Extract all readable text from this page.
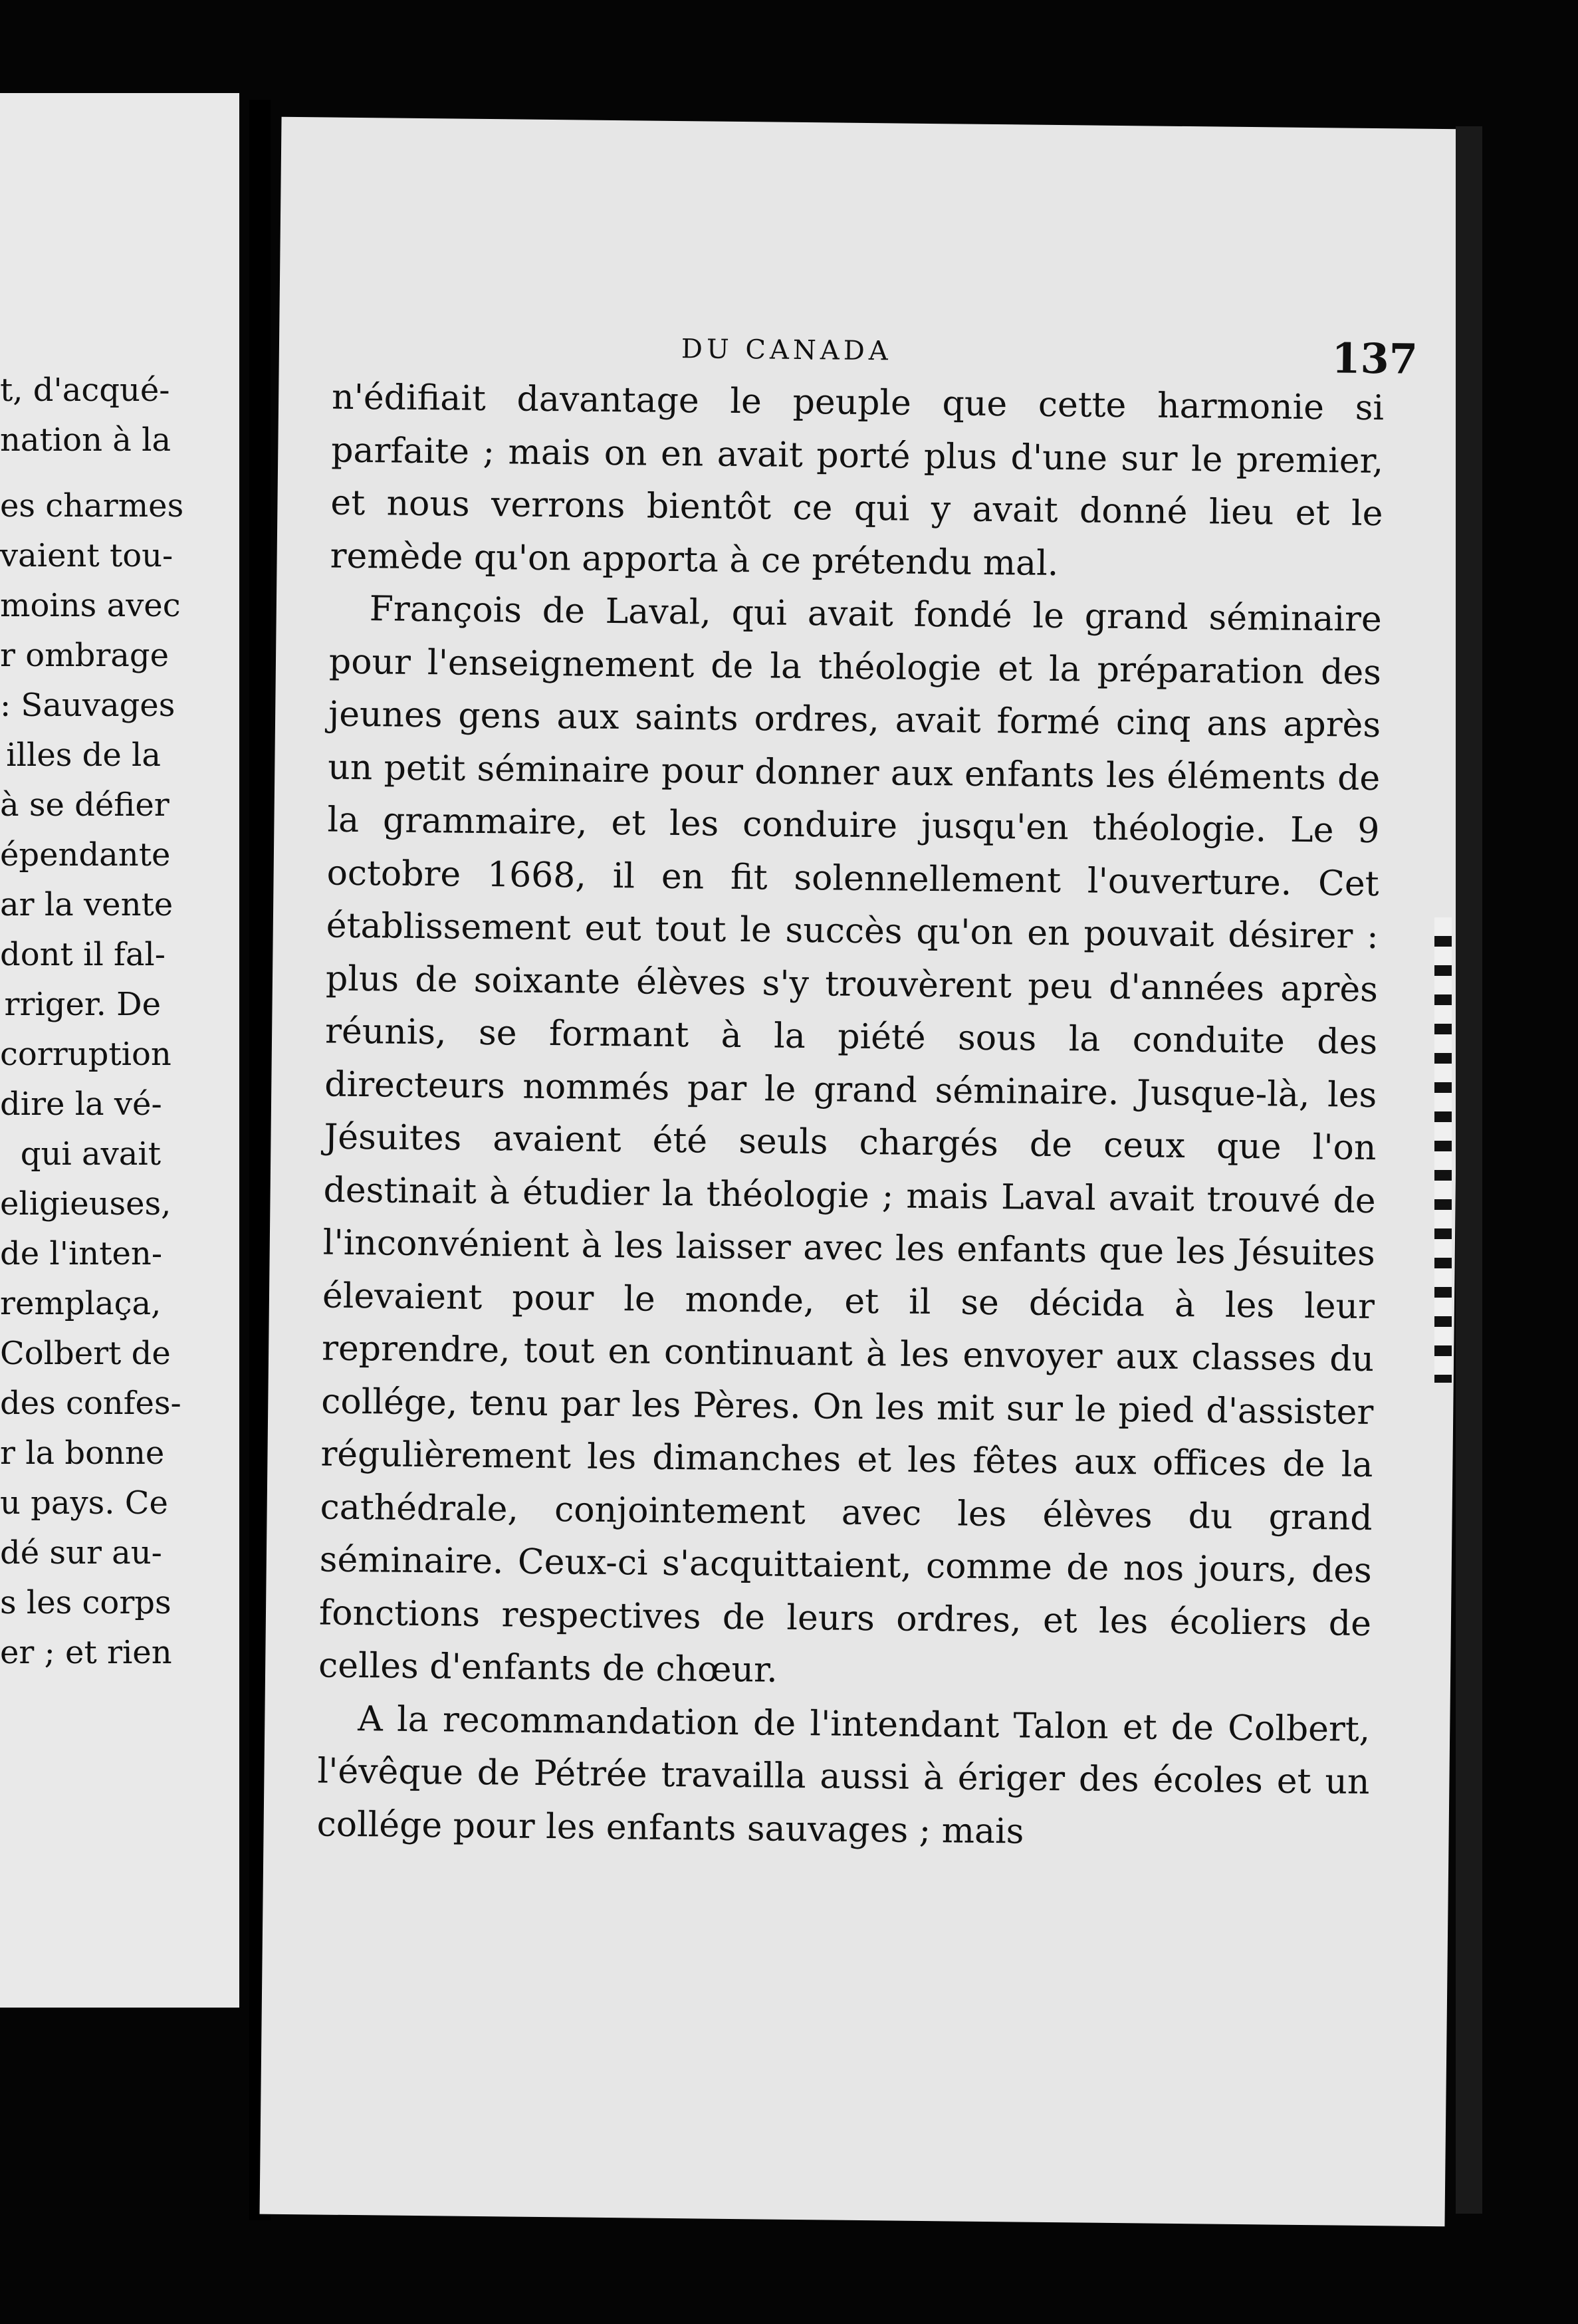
t, d'acqué-
nation à la
es charmes
vaient tou-
moins avec
r ombrage
: Sauvages
illes de la
à se défier
épendante
ar la vente
dont il fal-
rriger. De
corruption
dire la vé-
qui avait
eligieuses,
de l'inten-
remplaça,
Colbert de
des confes-
r la bonne
u pays. Ce
dé sur au-
s les corps
er ; et rien
DU CANADA	137

n'édifiait davantage le peuple que cette harmonie si parfaite ; mais on en avait porté plus d'une sur le premier, et nous verrons bientôt ce qui y avait donné lieu et le remède qu'on apporta à ce prétendu mal.

François de Laval, qui avait fondé le grand séminaire pour l'enseignement de la théologie et la préparation des jeunes gens aux saints ordres, avait formé cinq ans après un petit séminaire pour donner aux enfants les éléments de la grammaire, et les conduire jusqu'en théologie. Le 9 octobre 1668, il en fit solennellement l'ouverture. Cet établissement eut tout le succès qu'on en pouvait désirer : plus de soixante élèves s'y trouvèrent peu d'années après réunis, se formant à la piété sous la conduite des directeurs nommés par le grand séminaire. Jusque-là, les Jésuites avaient été seuls chargés de ceux que l'on destinait à étudier la théologie ; mais Laval avait trouvé de l'inconvénient à les laisser avec les enfants que les Jésuites élevaient pour le monde, et il se décida à les leur reprendre, tout en continuant à les envoyer aux classes du collége, tenu par les Pères. On les mit sur le pied d'assister régulièrement les dimanches et les fêtes aux offices de la cathédrale, conjointement avec les élèves du grand séminaire. Ceux-ci s'acquittaient, comme de nos jours, des fonctions respectives de leurs ordres, et les écoliers de celles d'enfants de chœur.

A la recommandation de l'intendant Talon et de Colbert, l'évêque de Pétrée travailla aussi à ériger des écoles et un collége pour les enfants sauvages ; mais
